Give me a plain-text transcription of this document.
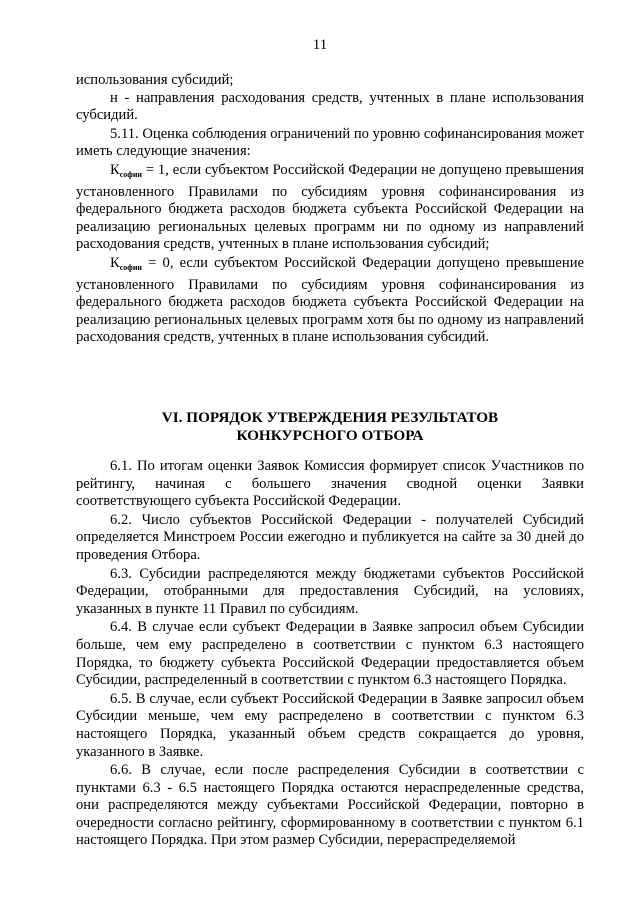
11

использования субсидий;

н - направления расходования средств, учтенных в плане использования субсидий.

5.11. Оценка соблюдения ограничений по уровню софинансирования может иметь следующие значения:

$К_{софин} = 1$, если субъектом Российской Федерации не допущено превышения установленного Правилами по субсидиям уровня софинансирования из федерального бюджета расходов бюджета субъекта Российской Федерации на реализацию региональных целевых программ ни по одному из направлений расходования средств, учтенных в плане использования субсидий;

$К_{софин} = 0$, если субъектом Российской Федерации допущено превышение установленного Правилами по субсидиям уровня софинансирования из федерального бюджета расходов бюджета субъекта Российской Федерации на реализацию региональных целевых программ хотя бы по одному из направлений расходования средств, учтенных в плане использования субсидий.

VI. ПОРЯДОК УТВЕРЖДЕНИЯ РЕЗУЛЬТАТОВ
КОНКУРСНОГО ОТБОРА

6.1. По итогам оценки Заявок Комиссия формирует список Участников по рейтингу, начиная с большего значения сводной оценки Заявки соответствующего субъекта Российской Федерации.

6.2. Число субъектов Российской Федерации - получателей Субсидий определяется Минстроем России ежегодно и публикуется на сайте за 30 дней до проведения Отбора.

6.3. Субсидии распределяются между бюджетами субъектов Российской Федерации, отобранными для предоставления Субсидий, на условиях, указанных в пункте 11 Правил по субсидиям.

6.4. В случае если субъект Федерации в Заявке запросил объем Субсидии больше, чем ему распределено в соответствии с пунктом 6.3 настоящего Порядка, то бюджету субъекта Российской Федерации предоставляется объем Субсидии, распределенный в соответствии с пунктом 6.3 настоящего Порядка.

6.5. В случае, если субъект Российской Федерации в Заявке запросил объем Субсидии меньше, чем ему распределено в соответствии с пунктом 6.3 настоящего Порядка, указанный объем средств сокращается до уровня, указанного в Заявке.

6.6. В случае, если после распределения Субсидии в соответствии с пунктами 6.3 - 6.5 настоящего Порядка остаются нераспределенные средства, они распределяются между субъектами Российской Федерации, повторно в очередности согласно рейтингу, сформированному в соответствии с пунктом 6.1 настоящего Порядка. При этом размер Субсидии, перераспределяемой
